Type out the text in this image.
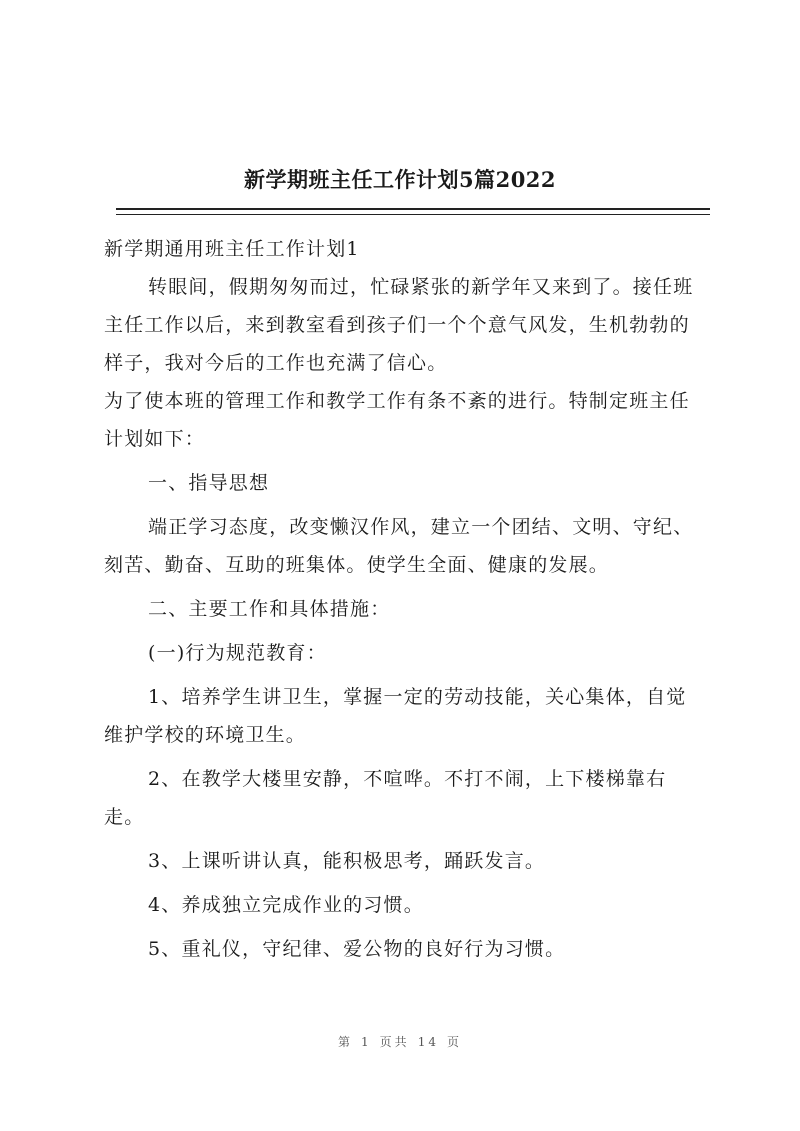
新学期班主任工作计划5篇2022

新学期通用班主任工作计划1

转眼间，假期匆匆而过，忙碌紧张的新学年又来到了。接任班主任工作以后，来到教室看到孩子们一个个意气风发，生机勃勃的样子，我对今后的工作也充满了信心。

为了使本班的管理工作和教学工作有条不紊的进行。特制定班主任计划如下：

一、指导思想

端正学习态度，改变懒汉作风，建立一个团结、文明、守纪、刻苦、勤奋、互助的班集体。使学生全面、健康的发展。

二、主要工作和具体措施：

(一)行为规范教育：

1、培养学生讲卫生，掌握一定的劳动技能，关心集体，自觉维护学校的环境卫生。

2、在教学大楼里安静，不喧哗。不打不闹，上下楼梯靠右走。

3、上课听讲认真，能积极思考，踊跃发言。

4、养成独立完成作业的习惯。

5、重礼仪，守纪律、爱公物的良好行为习惯。

第 1 页共 14 页
